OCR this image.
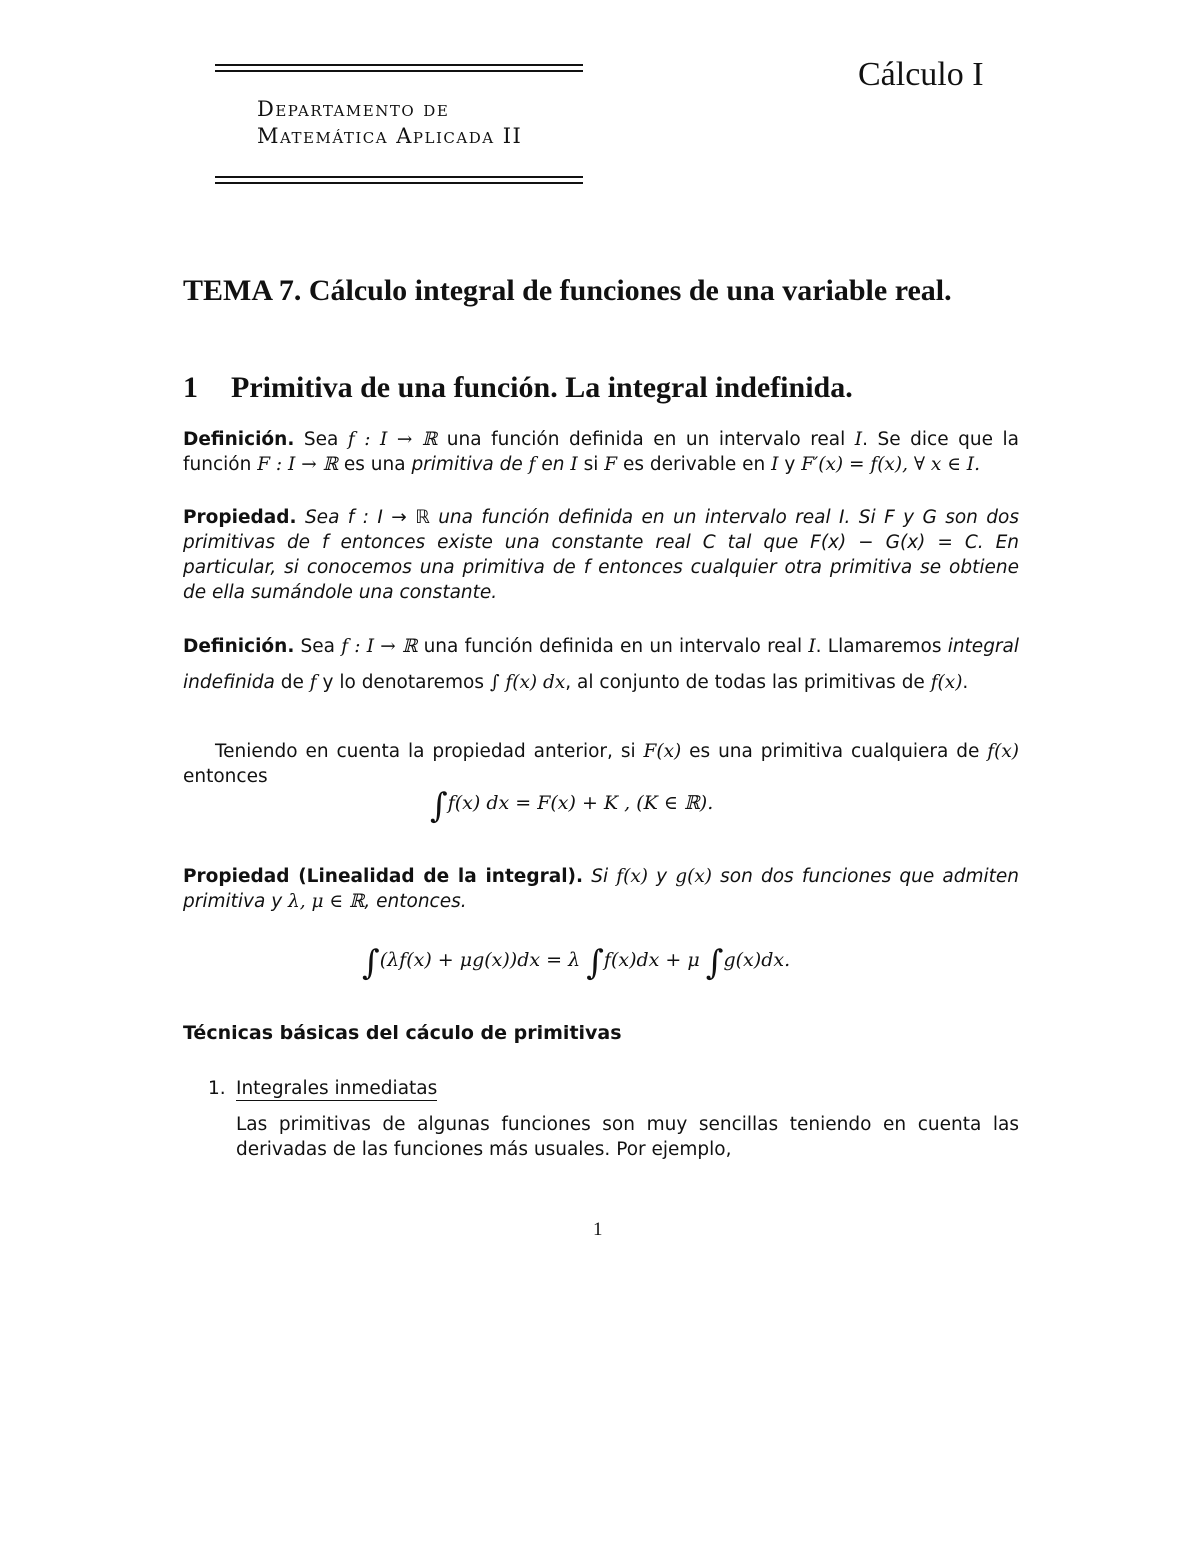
Departamento de
Matemática Aplicada II
Cálculo I
TEMA 7. Cálculo integral de funciones de una variable real.
1 Primitiva de una función. La integral indefinida.
Definición. Sea f : I → ℝ una función definida en un intervalo real I. Se dice que la función F : I → ℝ es una primitiva de f en I si F es derivable en I y F′(x) = f(x), ∀ x ∈ I.
Propiedad. Sea f : I → ℝ una función definida en un intervalo real I. Si F y G son dos primitivas de f entonces existe una constante real C tal que F(x) − G(x) = C. En particular, si conocemos una primitiva de f entonces cualquier otra primitiva se obtiene de ella sumándole una constante.
Definición. Sea f : I → ℝ una función definida en un intervalo real I. Llamaremos integral indefinida de f y lo denotaremos ∫ f(x) dx, al conjunto de todas las primitivas de f(x).
Teniendo en cuenta la propiedad anterior, si F(x) es una primitiva cualquiera de f(x) entonces
∫f(x) dx = F(x) + K , (K ∈ ℝ).
Propiedad (Linealidad de la integral). Si f(x) y g(x) son dos funciones que admiten primitiva y λ, μ ∈ ℝ, entonces.
∫(λf(x) + μg(x))dx = λ ∫f(x)dx + μ ∫g(x)dx.
Técnicas básicas del cáculo de primitivas
1. Integrales inmediatas
Las primitivas de algunas funciones son muy sencillas teniendo en cuenta las derivadas de las funciones más usuales. Por ejemplo,
1
